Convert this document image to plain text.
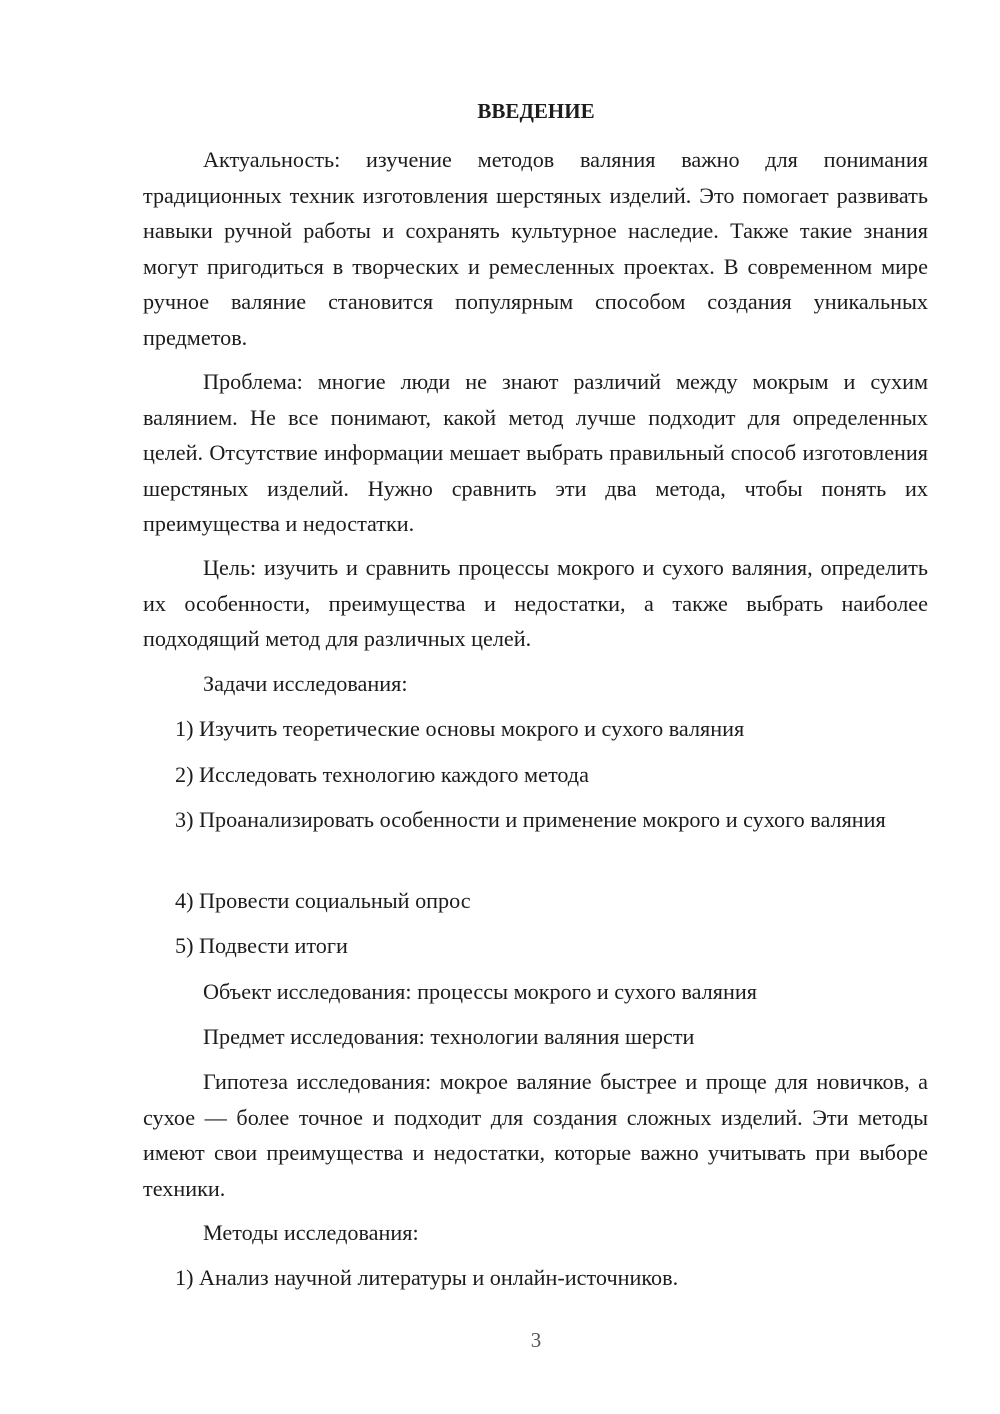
ВВЕДЕНИЕ

Актуальность: изучение методов валяния важно для понимания традиционных техник изготовления шерстяных изделий. Это помогает развивать навыки ручной работы и сохранять культурное наследие. Также такие знания могут пригодиться в творческих и ремесленных проектах. В современном мире ручное валяние становится популярным способом создания уникальных предметов.

Проблема: многие люди не знают различий между мокрым и сухим валянием. Не все понимают, какой метод лучше подходит для определенных целей. Отсутствие информации мешает выбрать правильный способ изготовления шерстяных изделий. Нужно сравнить эти два метода, чтобы понять их преимущества и недостатки.

Цель: изучить и сравнить процессы мокрого и сухого валяния, определить их особенности, преимущества и недостатки, а также выбрать наиболее подходящий метод для различных целей.

Задачи исследования:

1) Изучить теоретические основы мокрого и сухого валяния

2) Исследовать технологию каждого метода

3) Проанализировать особенности и применение мокрого и сухого валяния

4) Провести социальный опрос

5) Подвести итоги

Объект исследования: процессы мокрого и сухого валяния

Предмет исследования: технологии валяния шерсти

Гипотеза исследования: мокрое валяние быстрее и проще для новичков, а сухое — более точное и подходит для создания сложных изделий. Эти методы имеют свои преимущества и недостатки, которые важно учитывать при выборе техники.

Методы исследования:

1) Анализ научной литературы и онлайн-источников.

3
